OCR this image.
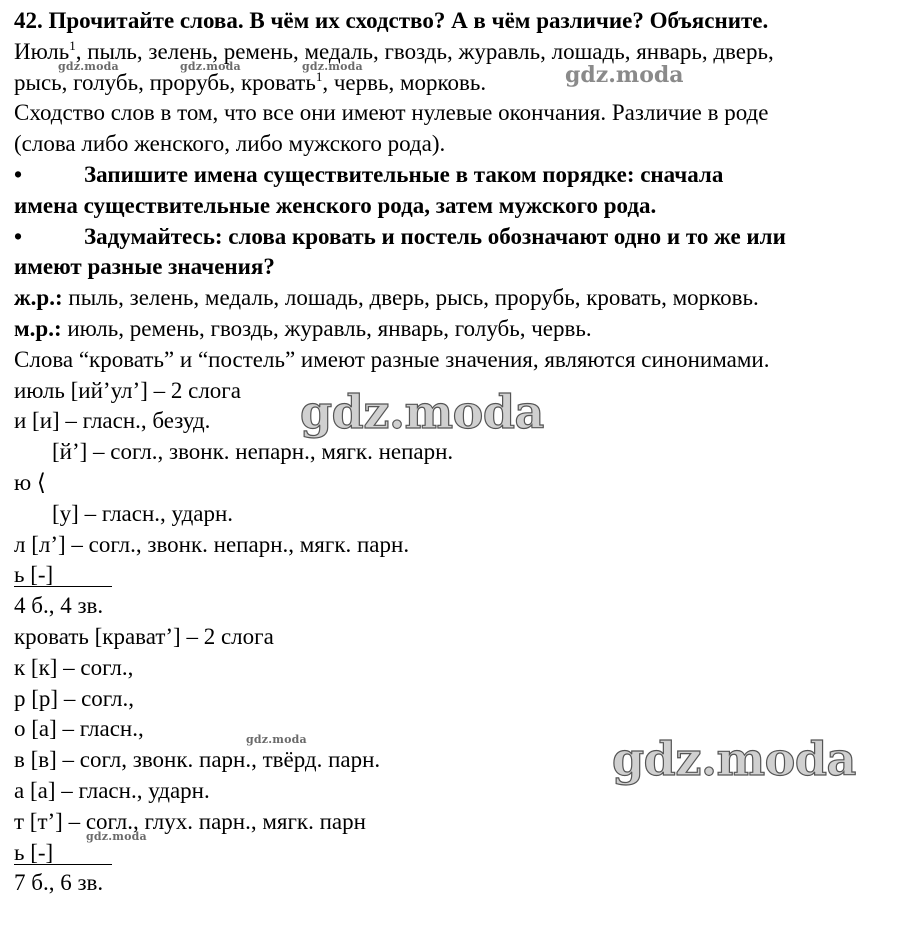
42. Прочитайте слова. В чём их сходство? А в чём различие? Объясните.

Июль$^1$, пыль, зелень, ремень, медаль, гвоздь, журавль, лошадь, январь, дверь,

рысь, голубь, прорубь, кровать$^1$, червь, морковь.

Сходство слов в том, что все они имеют нулевые окончания. Различие в роде

(слова либо женского, либо мужского рода).

•	Запишите имена существительные в таком порядке: сначала

имена существительные женского рода, затем мужского рода.

•	Задумайтесь: слова кровать и постель обозначают одно и то же или

имеют разные значения?

ж.р.: пыль, зелень, медаль, лошадь, дверь, рысь, прорубь, кровать, морковь.

м.р.: июль, ремень, гвоздь, журавль, январь, голубь, червь.

Слова “кровать” и “постель” имеют разные значения, являются синонимами.

июль [ий’ул’] – 2 слога

и [и] – гласн., безуд.

[й’] – согл., звонк. непарн., мягк. непарн.

ю ⟨

[у] – гласн., ударн.

л [л’] – согл., звонк. непарн., мягк. парн.

ь [-]

4 б., 4 зв.

кровать [крават’] – 2 слога

к [к] – согл.,

р [р] – согл.,

о [а] – гласн.,

в [в] – согл, звонк. парн., твёрд. парн.

а [а] – гласн., ударн.

т [т’] – согл., глух. парн., мягк. парн

ь [-]

7 б., 6 зв.

gdz.moda	gdz.moda	gdz.moda	gdz.moda
gdz.moda
gdz.moda	gdz.moda
gdz.moda
